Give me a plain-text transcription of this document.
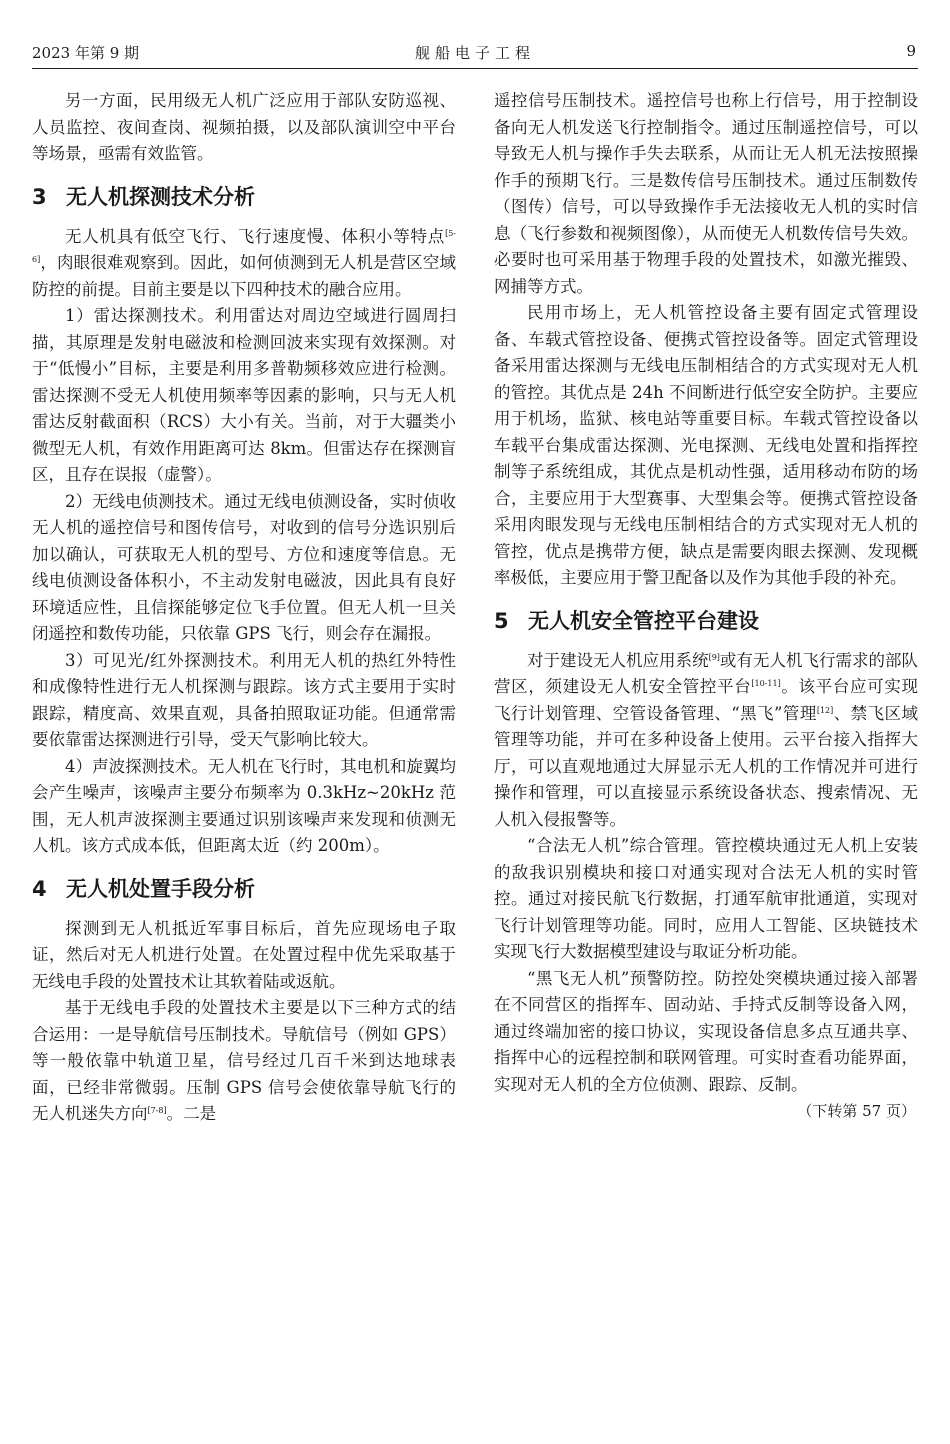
2023 年第 9 期	舰船电子工程	9

另一方面，民用级无人机广泛应用于部队安防巡视、人员监控、夜间查岗、视频拍摄，以及部队演训空中平台等场景，亟需有效监管。

3 无人机探测技术分析

无人机具有低空飞行、飞行速度慢、体积小等特点[5-6]，肉眼很难观察到。因此，如何侦测到无人机是营区空域防控的前提。目前主要是以下四种技术的融合应用。

1）雷达探测技术。利用雷达对周边空域进行圆周扫描，其原理是发射电磁波和检测回波来实现有效探测。对于“低慢小”目标，主要是利用多普勒频移效应进行检测。雷达探测不受无人机使用频率等因素的影响，只与无人机雷达反射截面积（RCS）大小有关。当前，对于大疆类小微型无人机，有效作用距离可达 8km。但雷达存在探测盲区，且存在误报（虚警）。

2）无线电侦测技术。通过无线电侦测设备，实时侦收无人机的遥控信号和图传信号，对收到的信号分选识别后加以确认，可获取无人机的型号、方位和速度等信息。无线电侦测设备体积小，不主动发射电磁波，因此具有良好环境适应性，且信探能够定位飞手位置。但无人机一旦关闭遥控和数传功能，只依靠 GPS 飞行，则会存在漏报。

3）可见光/红外探测技术。利用无人机的热红外特性和成像特性进行无人机探测与跟踪。该方式主要用于实时跟踪，精度高、效果直观，具备拍照取证功能。但通常需要依靠雷达探测进行引导，受天气影响比较大。

4）声波探测技术。无人机在飞行时，其电机和旋翼均会产生噪声，该噪声主要分布频率为 0.3kHz~20kHz 范围，无人机声波探测主要通过识别该噪声来发现和侦测无人机。该方式成本低，但距离太近（约 200m）。

4 无人机处置手段分析

探测到无人机抵近军事目标后，首先应现场电子取证，然后对无人机进行处置。在处置过程中优先采取基于无线电手段的处置技术让其软着陆或返航。

基于无线电手段的处置技术主要是以下三种方式的结合运用：一是导航信号压制技术。导航信号（例如 GPS）等一般依靠中轨道卫星，信号经过几百千米到达地球表面，已经非常微弱。压制 GPS 信号会使依靠导航飞行的无人机迷失方向[7-8]。二是

遥控信号压制技术。遥控信号也称上行信号，用于控制设备向无人机发送飞行控制指令。通过压制遥控信号，可以导致无人机与操作手失去联系，从而让无人机无法按照操作手的预期飞行。三是数传信号压制技术。通过压制数传（图传）信号，可以导致操作手无法接收无人机的实时信息（飞行参数和视频图像），从而使无人机数传信号失效。必要时也可采用基于物理手段的处置技术，如激光摧毁、网捕等方式。

民用市场上，无人机管控设备主要有固定式管理设备、车载式管控设备、便携式管控设备等。固定式管理设备采用雷达探测与无线电压制相结合的方式实现对无人机的管控。其优点是 24h 不间断进行低空安全防护。主要应用于机场，监狱、核电站等重要目标。车载式管控设备以车载平台集成雷达探测、光电探测、无线电处置和指挥控制等子系统组成，其优点是机动性强，适用移动布防的场合，主要应用于大型赛事、大型集会等。便携式管控设备采用肉眼发现与无线电压制相结合的方式实现对无人机的管控，优点是携带方便，缺点是需要肉眼去探测、发现概率极低，主要应用于警卫配备以及作为其他手段的补充。

5 无人机安全管控平台建设

对于建设无人机应用系统[9]或有无人机飞行需求的部队营区，须建设无人机安全管控平台[10-11]。该平台应可实现飞行计划管理、空管设备管理、“黑飞”管理[12]、禁飞区域管理等功能，并可在多种设备上使用。云平台接入指挥大厅，可以直观地通过大屏显示无人机的工作情况并可进行操作和管理，可以直接显示系统设备状态、搜索情况、无人机入侵报警等。

“合法无人机”综合管理。管控模块通过无人机上安装的敌我识别模块和接口对通实现对合法无人机的实时管控。通过对接民航飞行数据，打通军航审批通道，实现对飞行计划管理等功能。同时，应用人工智能、区块链技术实现飞行大数据模型建设与取证分析功能。

“黑飞无人机”预警防控。防控处突模块通过接入部署在不同营区的指挥车、固动站、手持式反制等设备入网，通过终端加密的接口协议，实现设备信息多点互通共享、指挥中心的远程控制和联网管理。可实时查看功能界面，实现对无人机的全方位侦测、跟踪、反制。

（下转第 57 页）
